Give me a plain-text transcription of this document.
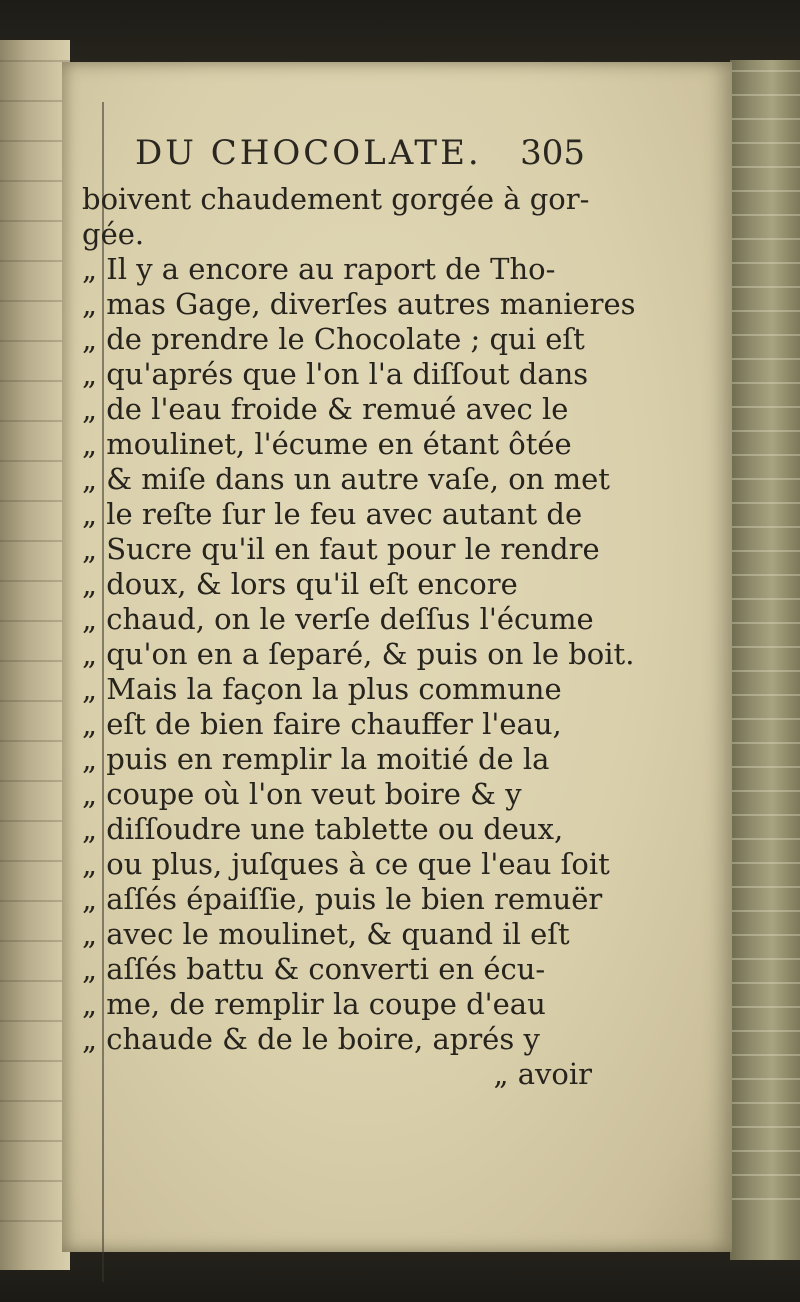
DU CHOCOLATE. 305
boivent chaudement gorgée à gor-
gée.
„ Il y a encore au raport de Tho-
„ mas Gage, diverſes autres manieres
„ de prendre le Chocolate ; qui eſt
„ qu'aprés que l'on l'a diſſout dans
„ de l'eau froide & remué avec le
„ moulinet, l'écume en étant ôtée
„ & miſe dans un autre vaſe, on met
„ le reſte ſur le feu avec autant de
„ Sucre qu'il en faut pour le rendre
„ doux, & lors qu'il eſt encore
„ chaud, on le verſe deſſus l'écume
„ qu'on en a ſeparé, & puis on le boit.
„ Mais la façon la plus commune
„ eſt de bien faire chauffer l'eau,
„ puis en remplir la moitié de la
„ coupe où l'on veut boire & y
„ diſſoudre une tablette ou deux,
„ ou plus, juſques à ce que l'eau ſoit
„ aſſés épaiſſie, puis le bien remuër
„ avec le moulinet, & quand il eſt
„ aſſés battu & converti en écu-
„ me, de remplir la coupe d'eau
„ chaude & de le boire, aprés y
„ avoir
